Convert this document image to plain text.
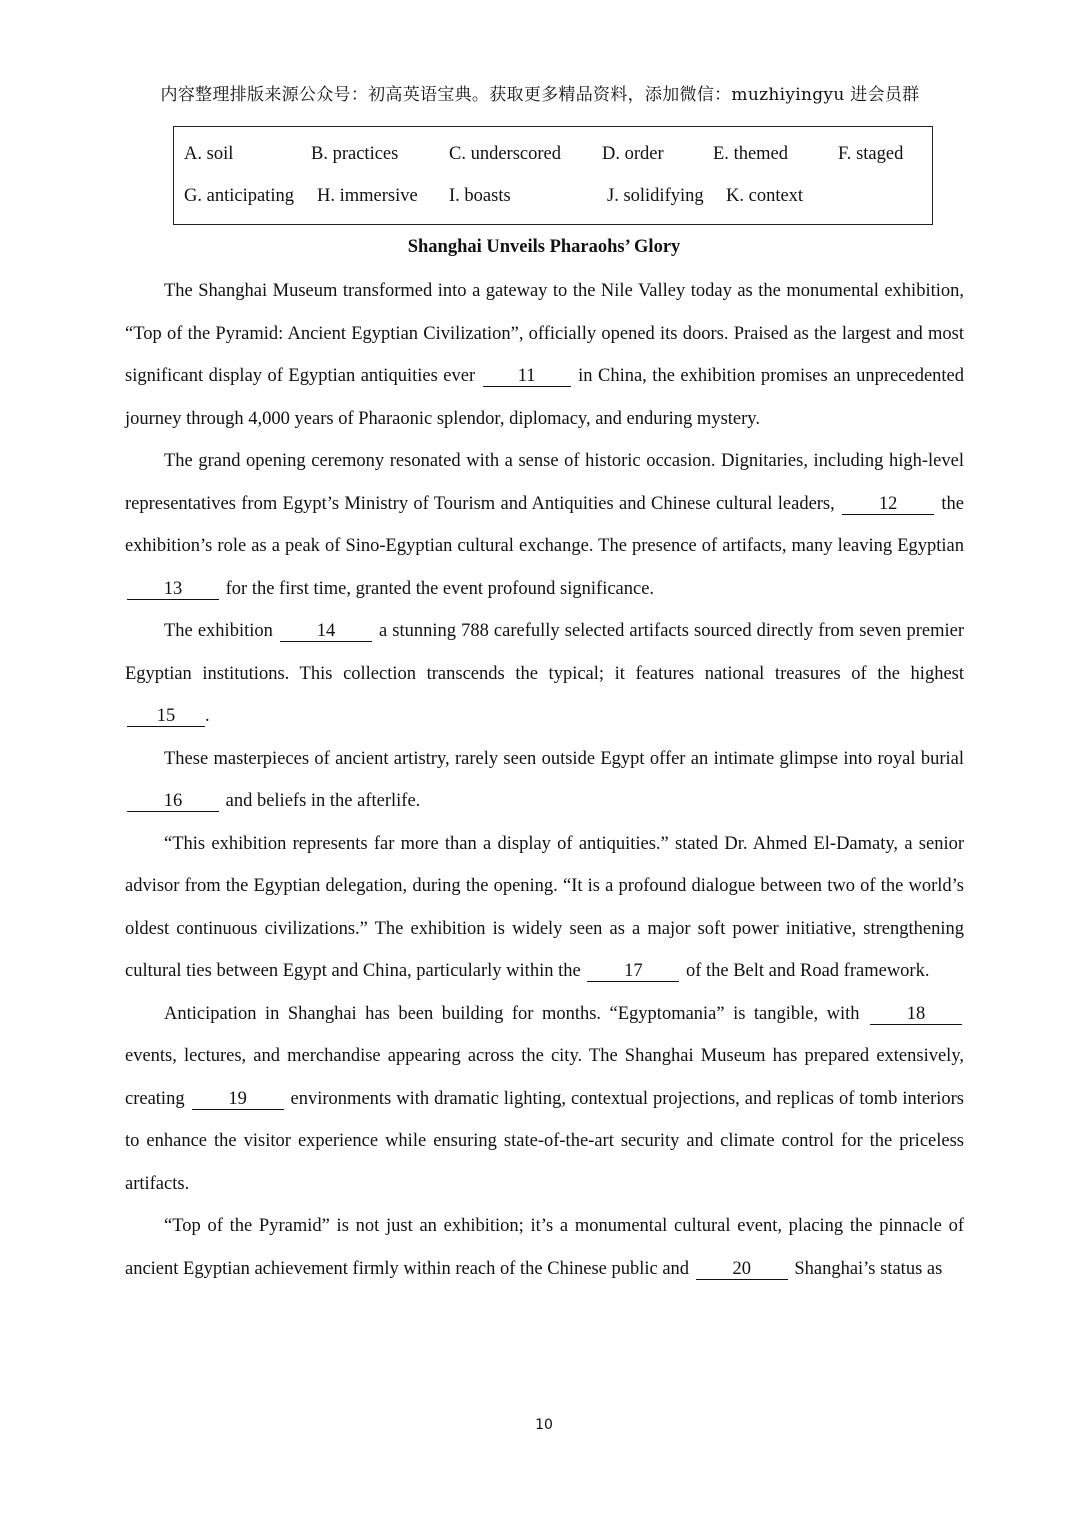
内容整理排版来源公众号：初高英语宝典。获取更多精品资料，添加微信：muzhiyingyu 进会员群
A. soil	B. practices	C. underscored D. order	E. themed	F. staged
G. anticipating H. immersive I. boasts	J. solidifying K. context
Shanghai Unveils Pharaohs’ Glory

The Shanghai Museum transformed into a gateway to the Nile Valley today as the monumental exhibition, “Top of the Pyramid: Ancient Egyptian Civilization”, officially opened its doors. Praised as the largest and most significant display of Egyptian antiquities ever 11 in China, the exhibition promises an unprecedented journey through 4,000 years of Pharaonic splendor, diplomacy, and enduring mystery.

The grand opening ceremony resonated with a sense of historic occasion. Dignitaries, including high-level representatives from Egypt’s Ministry of Tourism and Antiquities and Chinese cultural leaders, 12 the exhibition’s role as a peak of Sino-Egyptian cultural exchange. The presence of artifacts, many leaving Egyptian 13 for the first time, granted the event profound significance.

The exhibition 14 a stunning 788 carefully selected artifacts sourced directly from seven premier Egyptian institutions. This collection transcends the typical; it features national treasures of the highest 15 .

These masterpieces of ancient artistry, rarely seen outside Egypt offer an intimate glimpse into royal burial 16 and beliefs in the afterlife.

“This exhibition represents far more than a display of antiquities.” stated Dr. Ahmed El-Damaty, a senior advisor from the Egyptian delegation, during the opening. “It is a profound dialogue between two of the world’s oldest continuous civilizations.” The exhibition is widely seen as a major soft power initiative, strengthening cultural ties between Egypt and China, particularly within the 17 of the Belt and Road framework.

Anticipation in Shanghai has been building for months. “Egyptomania” is tangible, with	18 events, lectures, and merchandise appearing across the city. The Shanghai Museum has prepared extensively, creating 19 environments with dramatic lighting, contextual projections, and replicas of tomb interiors to enhance the visitor experience while ensuring state-of-the-art security and climate control for the priceless artifacts.

“Top of the Pyramid” is not just an exhibition; it’s a monumental cultural event, placing the pinnacle of ancient Egyptian achievement firmly within reach of the Chinese public and 20 Shanghai’s status as

10
